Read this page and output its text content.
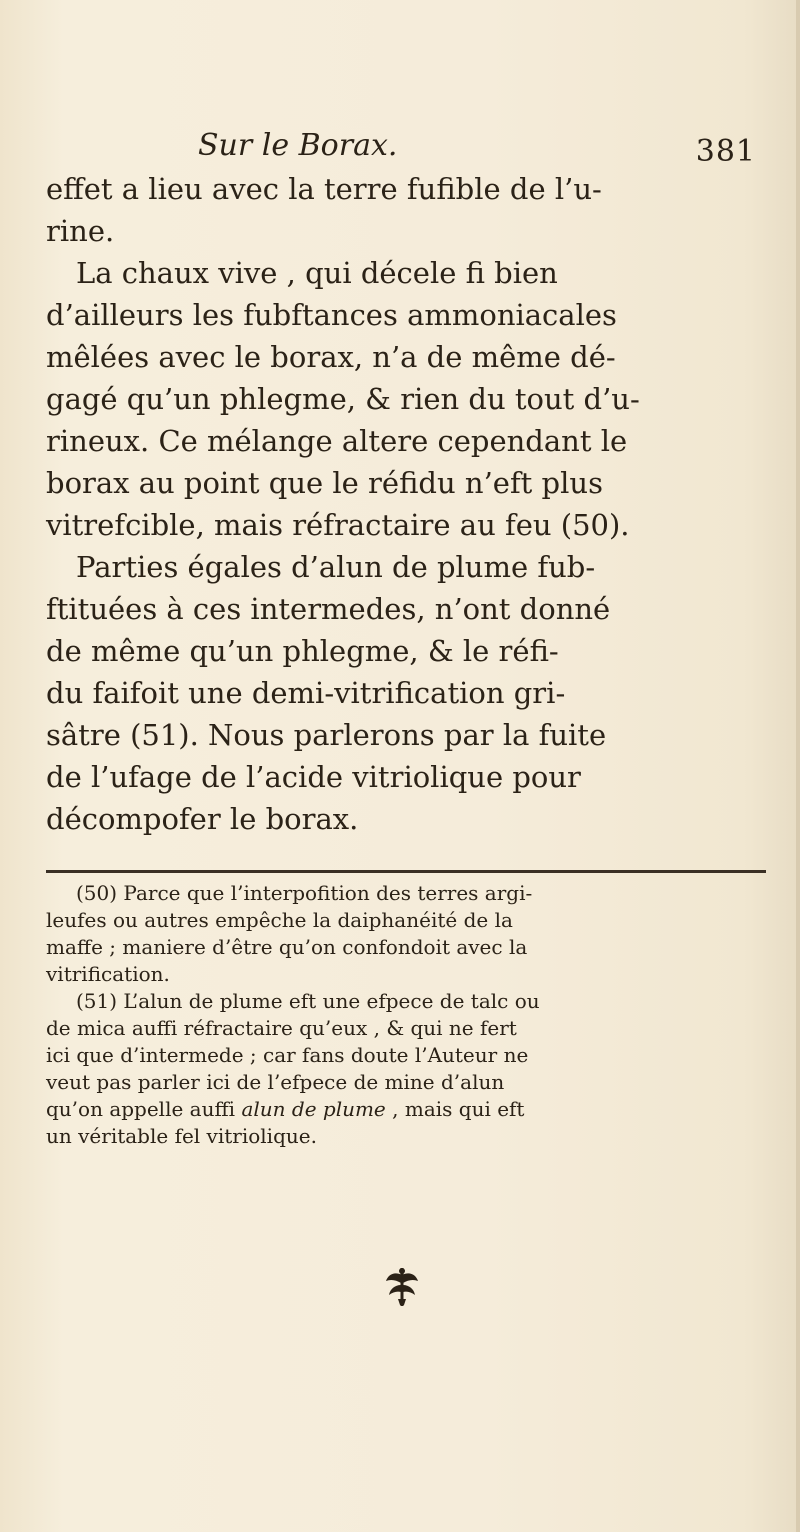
Sur le Borax.	381
effet a lieu avec la terre fufible de l’u-
rine.
La chaux vive , qui décele fi bien
d’ailleurs les fubftances ammoniacales
mêlées avec le borax, n’a de même dé-
gagé qu’un phlegme, & rien du tout d’u-
rineux. Ce mélange altere cependant le
borax au point que le réfidu n’eft plus
vitrefcible, mais réfractaire au feu (50).
Parties égales d’alun de plume fub-
ftituées à ces intermedes, n’ont donné
de même qu’un phlegme, & le réfi-
du faifoit une demi-vitrification gri-
sâtre (51). Nous parlerons par la fuite
de l’ufage de l’acide vitriolique pour
décompofer le borax.
(50) Parce que l’interpofition des terres argi-
leufes ou autres empêche la daiphanéité de la
maffe ; maniere d’être qu’on confondoit avec la
vitrification.
(51) L’alun de plume eft une efpece de talc ou
de mica auffi réfractaire qu’eux , & qui ne fert
ici que d’intermede ; car fans doute l’Auteur ne
veut pas parler ici de l’efpece de mine d’alun
qu’on appelle auffi alun de plume , mais qui eft
un véritable fel vitriolique.
